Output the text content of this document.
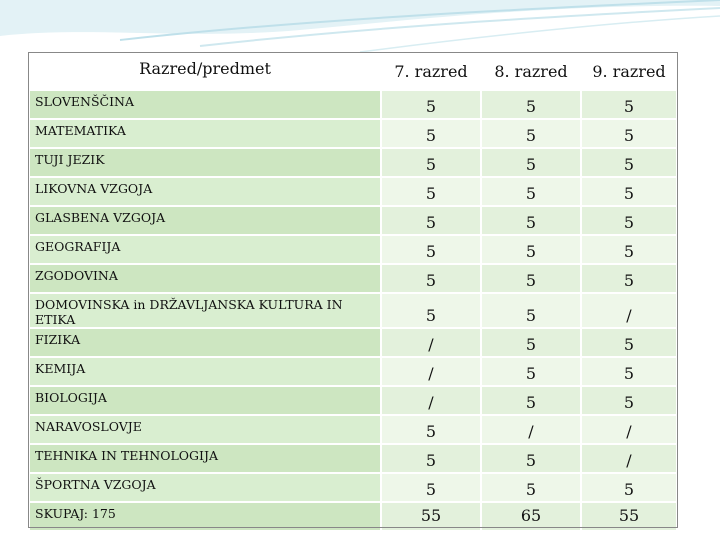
Razred/predmet	7. razred	8. razred	9. razred
SLOVENŠČINA	5	5	5
MATEMATIKA	5	5	5
TUJI JEZIK	5	5	5
LIKOVNA VZGOJA	5	5	5
GLASBENA VZGOJA	5	5	5
GEOGRAFIJA	5	5	5
ZGODOVINA	5	5	5
DOMOVINSKA in DRŽAVLJANSKA KULTURA IN ETIKA	5	5	/
FIZIKA	/	5	5
KEMIJA	/	5	5
BIOLOGIJA	/	5	5
NARAVOSLOVJE	5	/	/
TEHNIKA IN TEHNOLOGIJA	5	5	/
ŠPORTNA VZGOJA	5	5	5
SKUPAJ: 175	55	65	55
